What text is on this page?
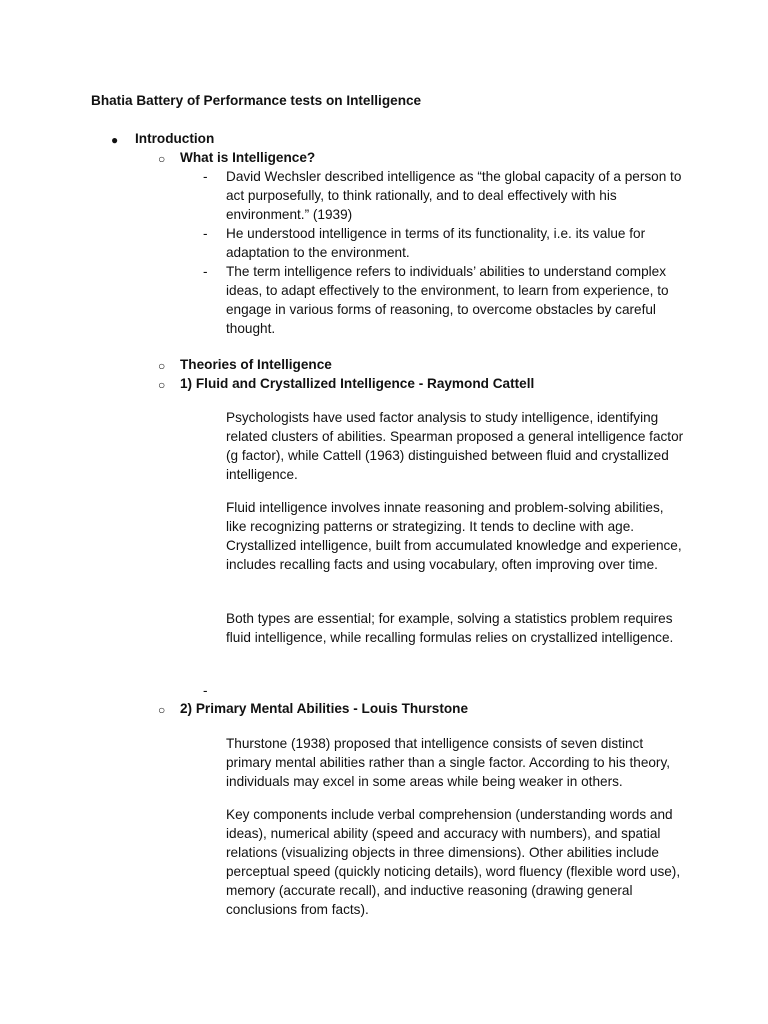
Bhatia Battery of Performance tests on Intelligence
● Introduction
○ What is Intelligence?
- David Wechsler described intelligence as “the global capacity of a person to act purposefully, to think rationally, and to deal effectively with his environment.” (1939)
- He understood intelligence in terms of its functionality, i.e. its value for adaptation to the environment.
- The term intelligence refers to individuals’ abilities to understand complex ideas, to adapt effectively to the environment, to learn from experience, to engage in various forms of reasoning, to overcome obstacles by careful thought.
○ Theories of Intelligence
○ 1) Fluid and Crystallized Intelligence - Raymond Cattell
Psychologists have used factor analysis to study intelligence, identifying related clusters of abilities. Spearman proposed a general intelligence factor (g factor), while Cattell (1963) distinguished between fluid and crystallized intelligence.
Fluid intelligence involves innate reasoning and problem-solving abilities, like recognizing patterns or strategizing. It tends to decline with age. Crystallized intelligence, built from accumulated knowledge and experience, includes recalling facts and using vocabulary, often improving over time.
Both types are essential; for example, solving a statistics problem requires fluid intelligence, while recalling formulas relies on crystallized intelligence.
-
○ 2) Primary Mental Abilities - Louis Thurstone
Thurstone (1938) proposed that intelligence consists of seven distinct primary mental abilities rather than a single factor. According to his theory, individuals may excel in some areas while being weaker in others.
Key components include verbal comprehension (understanding words and ideas), numerical ability (speed and accuracy with numbers), and spatial relations (visualizing objects in three dimensions). Other abilities include perceptual speed (quickly noticing details), word fluency (flexible word use), memory (accurate recall), and inductive reasoning (drawing general conclusions from facts).
